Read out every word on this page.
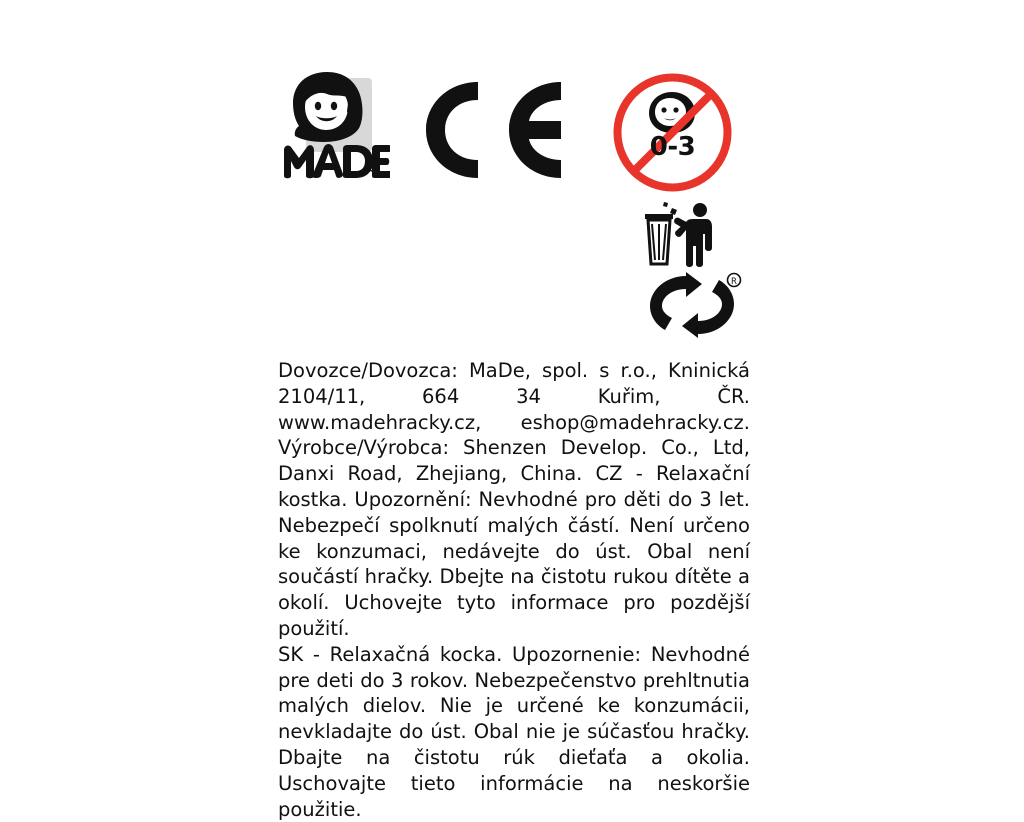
R
0-3
R

Dovozce/Dovozca: MaDe, spol. s r.o., Kninická 2104/11, 664 34 Kuřim, ČR. www.madehracky.cz, eshop@madehracky.cz. Výrobce/Výrobca: Shenzen Develop. Co., Ltd, Danxi Road, Zhejiang, China. CZ - Relaxační kostka. Upozornění: Nevhodné pro děti do 3 let. Nebezpečí spolknutí malých částí. Není určeno ke konzumaci, nedávejte do úst. Obal není součástí hračky. Dbejte na čistotu rukou dítěte a okolí. Uchovejte tyto informace pro pozdější použití.

SK - Relaxačná kocka. Upozornenie: Nevhodné pre deti do 3 rokov. Nebezpečenstvo prehltnutia malých dielov. Nie je určené ke konzumácii, nevkladajte do úst. Obal nie je súčasťou hračky. Dbajte na čistotu rúk dieťaťa a okolia. Uschovajte tieto informácie na neskoršie použitie.
